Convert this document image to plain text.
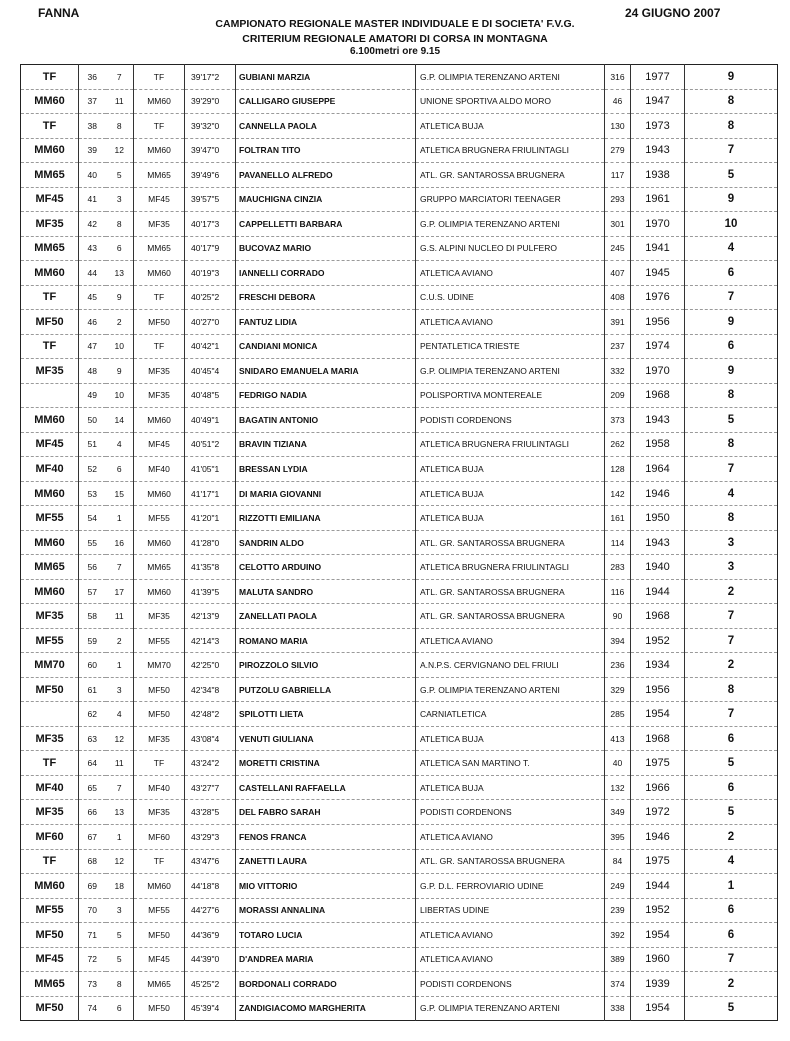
FANNA	24 GIUGNO 2007
CAMPIONATO REGIONALE MASTER INDIVIDUALE E DI SOCIETA' F.V.G.
CRITERIUM REGIONALE AMATORI DI CORSA IN MONTAGNA
6.100metri ore 9.15
TF	36	7	TF	39'17"2	GUBIANI MARZIA	G.P. OLIMPIA TERENZANO ARTENI	316	1977	9
MM60	37	11	MM60	39'29"0	CALLIGARO GIUSEPPE	UNIONE SPORTIVA ALDO MORO	46	1947	8
TF	38	8	TF	39'32"0	CANNELLA PAOLA	ATLETICA BUJA	130	1973	8
MM60	39	12	MM60	39'47"0	FOLTRAN TITO	ATLETICA BRUGNERA FRIULINTAGLI	279	1943	7
MM65	40	5	MM65	39'49"6	PAVANELLO ALFREDO	ATL. GR. SANTAROSSA BRUGNERA	117	1938	5
MF45	41	3	MF45	39'57"5	MAUCHIGNA CINZIA	GRUPPO MARCIATORI TEENAGER	293	1961	9
MF35	42	8	MF35	40'17"3	CAPPELLETTI BARBARA	G.P. OLIMPIA TERENZANO ARTENI	301	1970	10
MM65	43	6	MM65	40'17"9	BUCOVAZ MARIO	G.S. ALPINI NUCLEO DI PULFERO	245	1941	4
MM60	44	13	MM60	40'19"3	IANNELLI CORRADO	ATLETICA AVIANO	407	1945	6
TF	45	9	TF	40'25"2	FRESCHI DEBORA	C.U.S. UDINE	408	1976	7
MF50	46	2	MF50	40'27"0	FANTUZ LIDIA	ATLETICA AVIANO	391	1956	9
TF	47	10	TF	40'42"1	CANDIANI MONICA	PENTATLETICA TRIESTE	237	1974	6
MF35	48	9	MF35	40'45"4	SNIDARO EMANUELA MARIA	G.P. OLIMPIA TERENZANO ARTENI	332	1970	9
	49	10	MF35	40'48"5	FEDRIGO NADIA	POLISPORTIVA MONTEREALE	209	1968	8
MM60	50	14	MM60	40'49"1	BAGATIN ANTONIO	PODISTI CORDENONS	373	1943	5
MF45	51	4	MF45	40'51"2	BRAVIN TIZIANA	ATLETICA BRUGNERA FRIULINTAGLI	262	1958	8
MF40	52	6	MF40	41'05"1	BRESSAN LYDIA	ATLETICA BUJA	128	1964	7
MM60	53	15	MM60	41'17"1	DI MARIA GIOVANNI	ATLETICA BUJA	142	1946	4
MF55	54	1	MF55	41'20"1	RIZZOTTI EMILIANA	ATLETICA BUJA	161	1950	8
MM60	55	16	MM60	41'28"0	SANDRIN ALDO	ATL. GR. SANTAROSSA BRUGNERA	114	1943	3
MM65	56	7	MM65	41'35"8	CELOTTO ARDUINO	ATLETICA BRUGNERA FRIULINTAGLI	283	1940	3
MM60	57	17	MM60	41'39"5	MALUTA SANDRO	ATL. GR. SANTAROSSA BRUGNERA	116	1944	2
MF35	58	11	MF35	42'13"9	ZANELLATI PAOLA	ATL. GR. SANTAROSSA BRUGNERA	90	1968	7
MF55	59	2	MF55	42'14"3	ROMANO MARIA	ATLETICA AVIANO	394	1952	7
MM70	60	1	MM70	42'25"0	PIROZZOLO SILVIO	A.N.P.S. CERVIGNANO DEL FRIULI	236	1934	2
MF50	61	3	MF50	42'34"8	PUTZOLU GABRIELLA	G.P. OLIMPIA TERENZANO ARTENI	329	1956	8
	62	4	MF50	42'48"2	SPILOTTI LIETA	CARNIATLETICA	285	1954	7
MF35	63	12	MF35	43'08"4	VENUTI GIULIANA	ATLETICA BUJA	413	1968	6
TF	64	11	TF	43'24"2	MORETTI CRISTINA	ATLETICA SAN MARTINO T.	40	1975	5
MF40	65	7	MF40	43'27"7	CASTELLANI RAFFAELLA	ATLETICA BUJA	132	1966	6
MF35	66	13	MF35	43'28"5	DEL FABRO SARAH	PODISTI CORDENONS	349	1972	5
MF60	67	1	MF60	43'29"3	FENOS FRANCA	ATLETICA AVIANO	395	1946	2
TF	68	12	TF	43'47"6	ZANETTI LAURA	ATL. GR. SANTAROSSA BRUGNERA	84	1975	4
MM60	69	18	MM60	44'18"8	MIO VITTORIO	G.P. D.L. FERROVIARIO UDINE	249	1944	1
MF55	70	3	MF55	44'27"6	MORASSI ANNALINA	LIBERTAS UDINE	239	1952	6
MF50	71	5	MF50	44'36"9	TOTARO LUCIA	ATLETICA AVIANO	392	1954	6
MF45	72	5	MF45	44'39"0	D'ANDREA MARIA	ATLETICA AVIANO	389	1960	7
MM65	73	8	MM65	45'25"2	BORDONALI CORRADO	PODISTI CORDENONS	374	1939	2
MF50	74	6	MF50	45'39"4	ZANDIGIACOMO MARGHERITA	G.P. OLIMPIA TERENZANO ARTENI	338	1954	5
